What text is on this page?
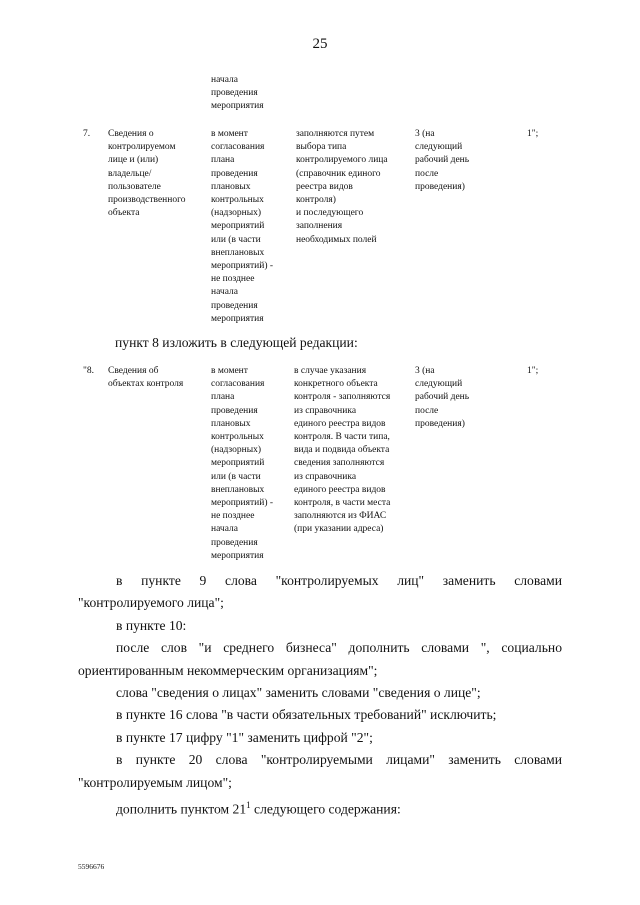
25
начала
проведения
мероприятия
7. Сведения о
контролируемом
лице и (или)
владельце/
пользователе
производственного
объекта
в момент
согласования
плана
проведения
плановых
контрольных
(надзорных)
мероприятий
или (в части
внеплановых
мероприятий) -
не позднее
начала
проведения
мероприятия
заполняются путем
выбора типа
контролируемого лица
(справочник единого
реестра видов
контроля)
и последующего
заполнения
необходимых полей
3 (на
следующий
рабочий день
после
проведения)
1";
пункт 8 изложить в следующей редакции:
"8. Сведения об
объектах контроля
в момент
согласования
плана
проведения
плановых
контрольных
(надзорных)
мероприятий
или (в части
внеплановых
мероприятий) -
не позднее
начала
проведения
мероприятия
в случае указания
конкретного объекта
контроля - заполняются
из справочника
единого реестра видов
контроля. В части типа,
вида и подвида объекта
сведения заполняются
из справочника
единого реестра видов
контроля, в части места
заполняются из ФИАС
(при указании адреса)
3 (на
следующий
рабочий день
после
проведения)
1";

в пункте 9 слова "контролируемых лиц" заменить словами

"контролируемого лица";

в пункте 10:

после слов "и среднего бизнеса" дополнить словами ", социально

ориентированным некоммерческим организациям";

слова "сведения о лицах" заменить словами "сведения о лице";

в пункте 16 слова "в части обязательных требований" исключить;

в пункте 17 цифру "1" заменить цифрой "2";

в пункте 20 слова "контролируемыми лицами" заменить словами

"контролируемым лицом";

дополнить пунктом $21^1$ следующего содержания:

5596676
